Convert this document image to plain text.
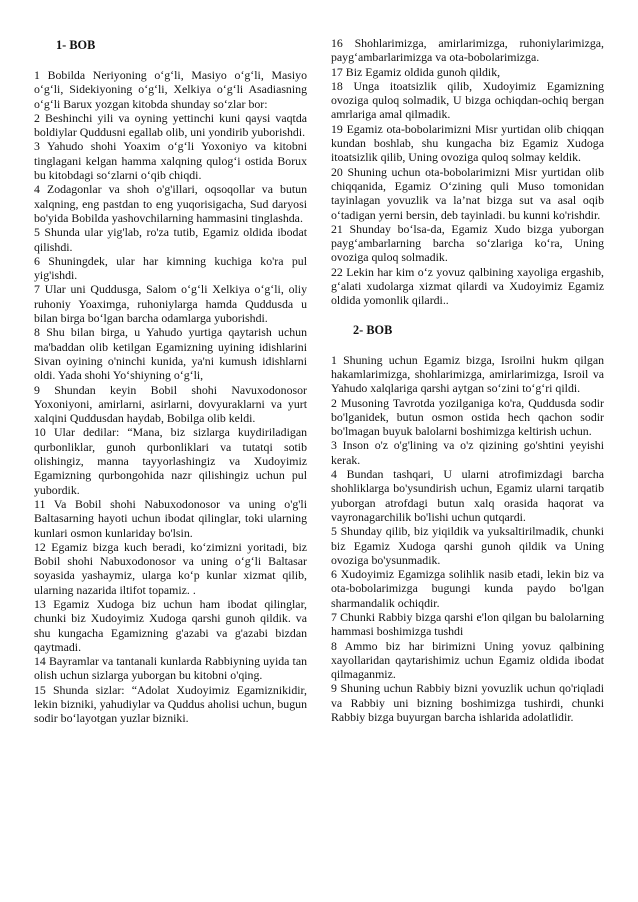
1- BOB

1 Bobilda Neriyoning o‘g‘li, Masiyo o‘g‘li, Masiyo o‘g‘li, Sidekiyoning o‘g‘li, Xelkiya o‘g‘li Asadiasning o‘g‘li Barux yozgan kitobda shunday so‘zlar bor:

2 Beshinchi yili va oyning yettinchi kuni qaysi vaqtda boldiylar Quddusni egallab olib, uni yondirib yuborishdi.

3 Yahudo shohi Yoaxim o‘g‘li Yoxoniyo va kitobni tinglagani kelgan hamma xalqning qulog‘i ostida Borux bu kitobdagi so‘zlarni o‘qib chiqdi.

4 Zodagonlar va shoh o'g'illari, oqsoqollar va butun xalqning, eng pastdan to eng yuqorisigacha, Sud daryosi bo'yida Bobilda yashovchilarning hammasini tinglashda.

5 Shunda ular yig'lab, ro'za tutib, Egamiz oldida ibodat qilishdi.

6 Shuningdek, ular har kimning kuchiga ko'ra pul yig'ishdi.

7 Ular uni Quddusga, Salom o‘g‘li Xelkiya o‘g‘li, oliy ruhoniy Yoaximga, ruhoniylarga hamda Quddusda u bilan birga bo‘lgan barcha odamlarga yuborishdi.

8 Shu bilan birga, u Yahudo yurtiga qaytarish uchun ma'baddan olib ketilgan Egamizning uyining idishlarini Sivan oyining o'ninchi kunida, ya'ni kumush idishlarni oldi. Yada shohi Yo‘shiyning o‘g‘li,

9 Shundan keyin Bobil shohi Navuxodonosor Yoxoniyoni, amirlarni, asirlarni, dovyuraklarni va yurt xalqini Quddusdan haydab, Bobilga olib keldi.

10 Ular dedilar: “Mana, biz sizlarga kuydiriladigan qurbonliklar, gunoh qurbonliklari va tutatqi sotib olishingiz, manna tayyorlashingiz va Xudoyimiz Egamizning qurbongohida nazr qilishingiz uchun pul yubordik.

11 Va Bobil shohi Nabuxodonosor va uning o'g'li Baltasarning hayoti uchun ibodat qilinglar, toki ularning kunlari osmon kunlariday bo'lsin.

12 Egamiz bizga kuch beradi, ko‘zimizni yoritadi, biz Bobil shohi Nabuxodonosor va uning o‘g‘li Baltasar soyasida yashaymiz, ularga ko‘p kunlar xizmat qilib, ularning nazarida iltifot topamiz. .

13 Egamiz Xudoga biz uchun ham ibodat qilinglar, chunki biz Xudoyimiz Xudoga qarshi gunoh qildik. va shu kungacha Egamizning g'azabi va g'azabi bizdan qaytmadi.

14 Bayramlar va tantanali kunlarda Rabbiyning uyida tan olish uchun sizlarga yuborgan bu kitobni o'qing.

15 Shunda sizlar: “Adolat Xudoyimiz Egamiznikidir, lekin bizniki, yahudiylar va Quddus aholisi uchun, bugun sodir bo‘layotgan yuzlar bizniki.

16 Shohlarimizga, amirlarimizga, ruhoniylarimizga, payg‘ambarlarimizga va ota-bobolarimizga.

17 Biz Egamiz oldida gunoh qildik,

18 Unga itoatsizlik qilib, Xudoyimiz Egamizning ovoziga quloq solmadik, U bizga ochiqdan-ochiq bergan amrlariga amal qilmadik.

19 Egamiz ota-bobolarimizni Misr yurtidan olib chiqqan kundan boshlab, shu kungacha biz Egamiz Xudoga itoatsizlik qilib, Uning ovoziga quloq solmay keldik.

20 Shuning uchun ota-bobolarimizni Misr yurtidan olib chiqqanida, Egamiz O‘zining quli Muso tomonidan tayinlagan yovuzlik va la’nat bizga sut va asal oqib o‘tadigan yerni bersin, deb tayinladi. bu kunni ko'rishdir.

21 Shunday bo‘lsa-da, Egamiz Xudo bizga yuborgan payg‘ambarlarning barcha so‘zlariga ko‘ra, Uning ovoziga quloq solmadik.

22 Lekin har kim o‘z yovuz qalbining xayoliga ergashib, g‘alati xudolarga xizmat qilardi va Xudoyimiz Egamiz oldida yomonlik qilardi..

2- BOB

1 Shuning uchun Egamiz bizga, Isroilni hukm qilgan hakamlarimizga, shohlarimizga, amirlarimizga, Isroil va Yahudo xalqlariga qarshi aytgan so‘zini to‘g‘ri qildi.

2 Musoning Tavrotda yozilganiga ko'ra, Quddusda sodir bo'lganidek, butun osmon ostida hech qachon sodir bo'lmagan buyuk balolarni boshimizga keltirish uchun.

3 Inson o'z o'g'lining va o'z qizining go'shtini yeyishi kerak.

4 Bundan tashqari, U ularni atrofimizdagi barcha shohliklarga bo'ysundirish uchun, Egamiz ularni tarqatib yuborgan atrofdagi butun xalq orasida haqorat va vayronagarchilik bo'lishi uchun qutqardi.

5 Shunday qilib, biz yiqildik va yuksaltirilmadik, chunki biz Egamiz Xudoga qarshi gunoh qildik va Uning ovoziga bo'ysunmadik.

6 Xudoyimiz Egamizga solihlik nasib etadi, lekin biz va ota-bobolarimizga bugungi kunda paydo bo'lgan sharmandalik ochiqdir.

7 Chunki Rabbiy bizga qarshi e'lon qilgan bu balolarning hammasi boshimizga tushdi

8 Ammo biz har birimizni Uning yovuz qalbining xayollaridan qaytarishimiz uchun Egamiz oldida ibodat qilmaganmiz.

9 Shuning uchun Rabbiy bizni yovuzlik uchun qo'riqladi va Rabbiy uni bizning boshimizga tushirdi, chunki Rabbiy bizga buyurgan barcha ishlarida adolatlidir.
